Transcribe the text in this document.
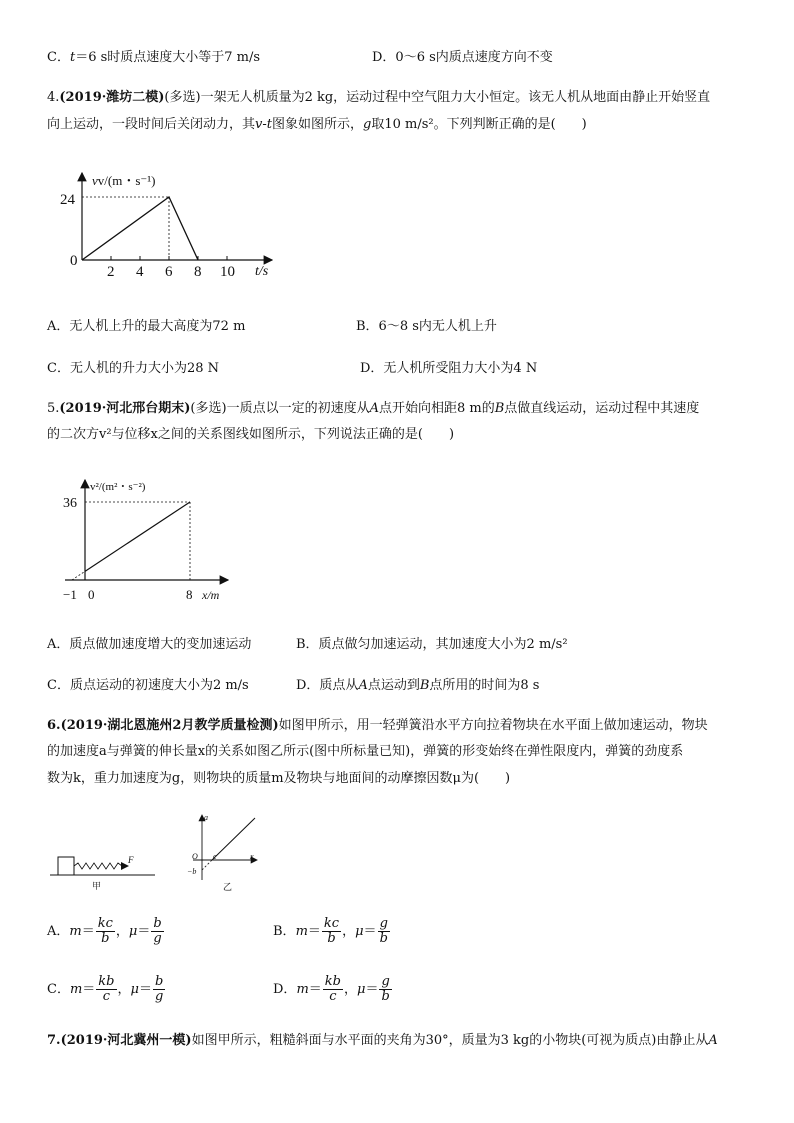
C．t＝6 s时质点速度大小等于7 m/s	D．0～6 s内质点速度方向不变
4.(2019·潍坊二模)(多选)一架无人机质量为2 kg，运动过程中空气阻力大小恒定。该无人机从地面由静止开始竖直
向上运动，一段时间后关闭动力，其v-t图象如图所示，g取10 m/s²。下列判断正确的是(　　)
2 4 6 8 10
vv/(m・s⁻¹)
24
0
t/s
A．无人机上升的最大高度为72 m	B．6～8 s内无人机上升
C．无人机的升力大小为28 N	D．无人机所受阻力大小为4 N
5.(2019·河北邢台期末)(多选)一质点以一定的初速度从A点开始向相距8 m的B点做直线运动，运动过程中其速度
的二次方v²与位移x之间的关系图线如图所示，下列说法正确的是(　　)
v²/(m²・s⁻²)
36
−1 0	8 x/m
A．质点做加速度增大的变加速运动	B．质点做匀加速运动，其加速度大小为2 m/s²
C．质点运动的初速度大小为2 m/s	D．质点从A点运动到B点所用的时间为8 s
6.(2019·湖北恩施州2月教学质量检测)如图甲所示，用一轻弹簧沿水平方向拉着物块在水平面上做加速运动，物块
的加速度a与弹簧的伸长量x的关系如图乙所示(图中所标量已知)，弹簧的形变始终在弹性限度内，弹簧的劲度系
数为k，重力加速度为g，则物块的质量m及物块与地面间的动摩擦因数μ为(　　)
F
甲
a
O c	x
−b
乙
A．$m= \frac{kc}{b}$ ，$\mu= \frac{b}{g}$	B．$m= \frac{kc}{b}$ ，$\mu= \frac{g}{b}$
C．$m= \frac{kb}{c}$ ，$\mu= \frac{b}{g}$	D．$m= \frac{kb}{c}$ ，$\mu= \frac{g}{b}$
7.(2019·河北冀州一模)如图甲所示，粗糙斜面与水平面的夹角为30°，质量为3 kg的小物块(可视为质点)由静止从A
